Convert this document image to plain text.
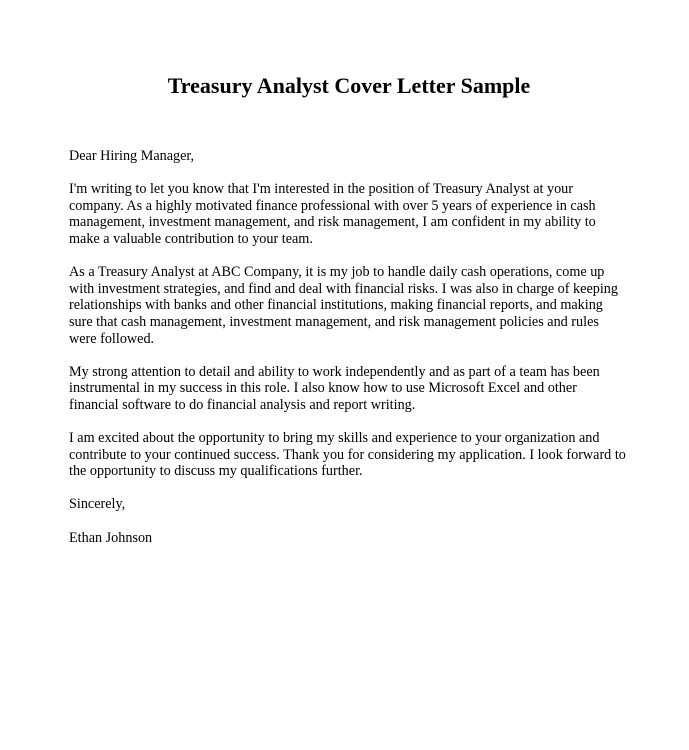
Treasury Analyst Cover Letter Sample

Dear Hiring Manager,

I'm writing to let you know that I'm interested in the position of Treasury Analyst at your company. As a highly motivated finance professional with over 5 years of experience in cash management, investment management, and risk management, I am confident in my ability to make a valuable contribution to your team.

As a Treasury Analyst at ABC Company, it is my job to handle daily cash operations, come up with investment strategies, and find and deal with financial risks. I was also in charge of keeping relationships with banks and other financial institutions, making financial reports, and making sure that cash management, investment management, and risk management policies and rules were followed.

My strong attention to detail and ability to work independently and as part of a team has been instrumental in my success in this role. I also know how to use Microsoft Excel and other financial software to do financial analysis and report writing.

I am excited about the opportunity to bring my skills and experience to your organization and contribute to your continued success. Thank you for considering my application. I look forward to the opportunity to discuss my qualifications further.

Sincerely,

Ethan Johnson
